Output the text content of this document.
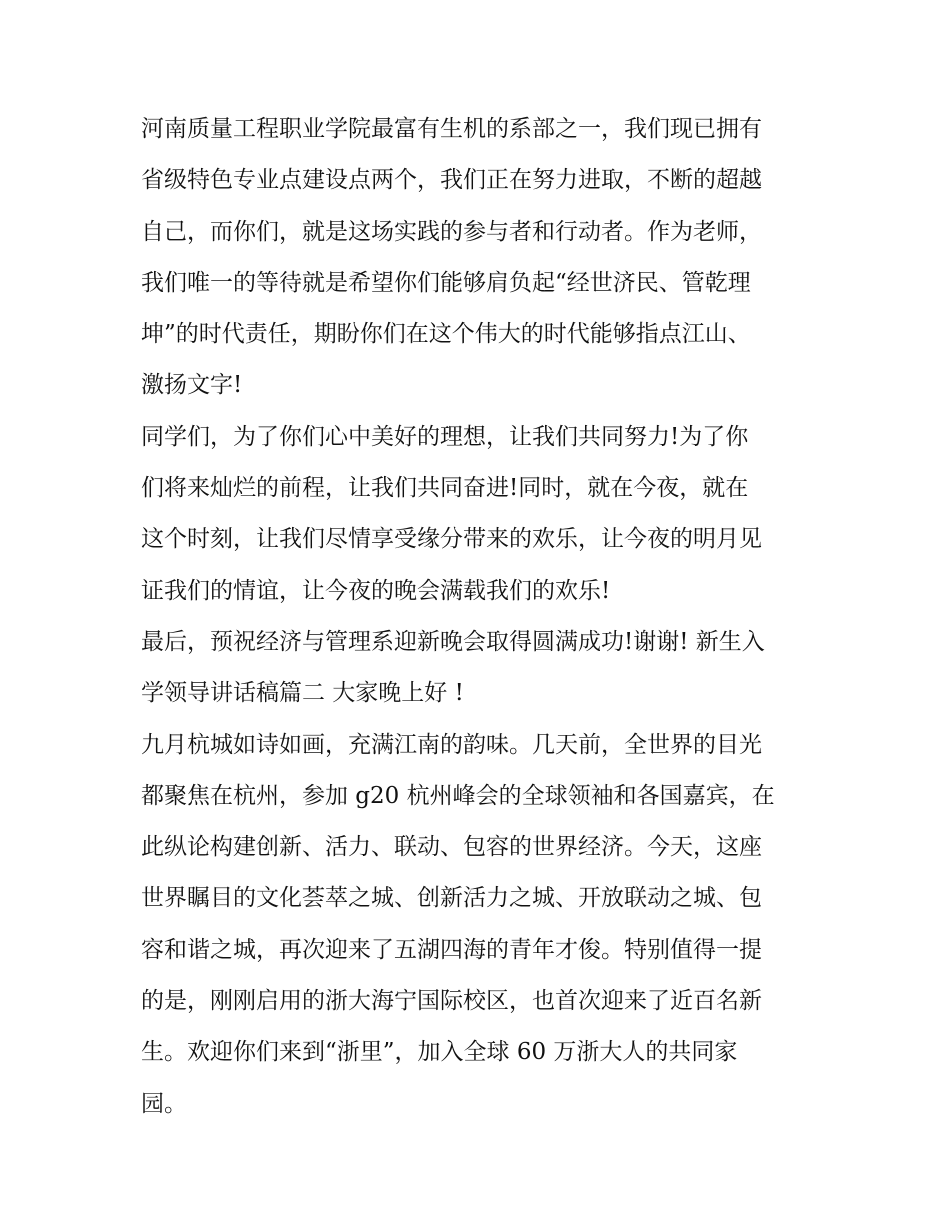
河南质量工程职业学院最富有生机的系部之一，我们现已拥有
省级特色专业点建设点两个，我们正在努力进取，不断的超越
自己，而你们，就是这场实践的参与者和行动者。作为老师，
我们唯一的等待就是希望你们能够肩负起“经世济民、管乾理
坤”的时代责任，期盼你们在这个伟大的时代能够指点江山、
激扬文字!
同学们，为了你们心中美好的理想，让我们共同努力!为了你
们将来灿烂的前程，让我们共同奋进!同时，就在今夜，就在
这个时刻，让我们尽情享受缘分带来的欢乐，让今夜的明月见
证我们的情谊，让今夜的晚会满载我们的欢乐!
最后，预祝经济与管理系迎新晚会取得圆满成功!谢谢! 新生入
学领导讲话稿篇二 大家晚上好 !
九月杭城如诗如画，充满江南的韵味。几天前，全世界的目光
都聚焦在杭州，参加 g20 杭州峰会的全球领袖和各国嘉宾，在
此纵论构建创新、活力、联动、包容的世界经济。今天，这座
世界瞩目的文化荟萃之城、创新活力之城、开放联动之城、包
容和谐之城，再次迎来了五湖四海的青年才俊。特别值得一提
的是，刚刚启用的浙大海宁国际校区，也首次迎来了近百名新
生。欢迎你们来到“浙里”，加入全球 60 万浙大人的共同家
园。
